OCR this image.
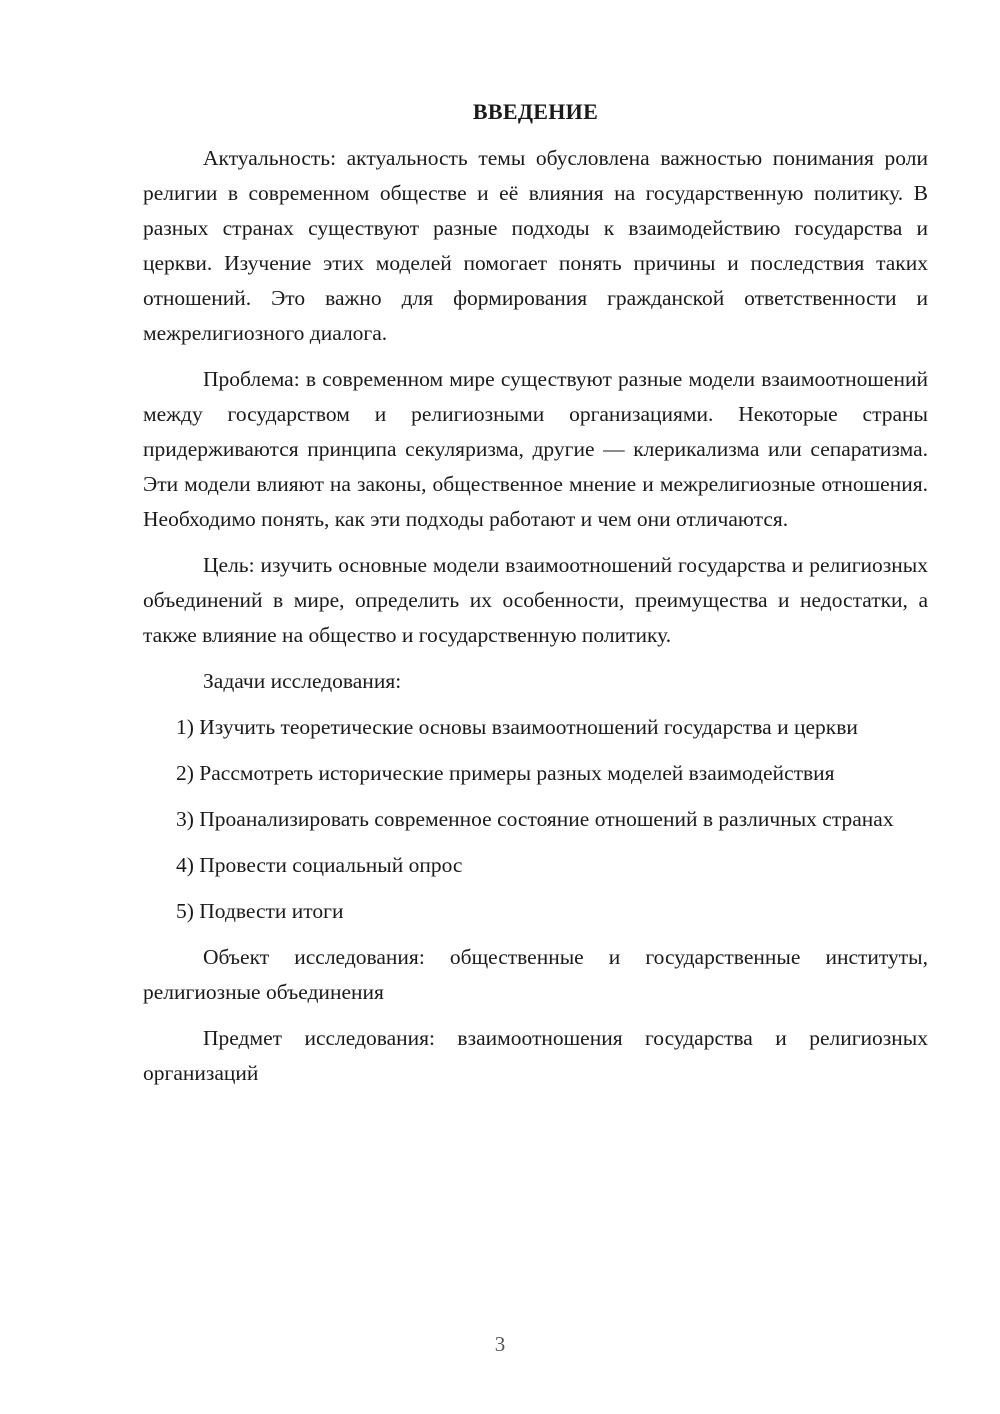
ВВЕДЕНИЕ

Актуальность: актуальность темы обусловлена важностью понимания роли религии в современном обществе и её влияния на государственную политику. В разных странах существуют разные подходы к взаимодействию государства и церкви. Изучение этих моделей помогает понять причины и последствия таких отношений. Это важно для формирования гражданской ответственности и межрелигиозного диалога.

Проблема: в современном мире существуют разные модели взаимоотношений между государством и религиозными организациями. Некоторые страны придерживаются принципа секуляризма, другие — клерикализма или сепаратизма. Эти модели влияют на законы, общественное мнение и межрелигиозные отношения. Необходимо понять, как эти подходы работают и чем они отличаются.

Цель: изучить основные модели взаимоотношений государства и религиозных объединений в мире, определить их особенности, преимущества и недостатки, а также влияние на общество и государственную политику.

Задачи исследования:

1) Изучить теоретические основы взаимоотношений государства и церкви

2) Рассмотреть исторические примеры разных моделей взаимодействия

3) Проанализировать современное состояние отношений в различных странах

4) Провести социальный опрос

5) Подвести итоги

Объект исследования: общественные и государственные институты, религиозные объединения

Предмет исследования: взаимоотношения государства и религиозных организаций

3
